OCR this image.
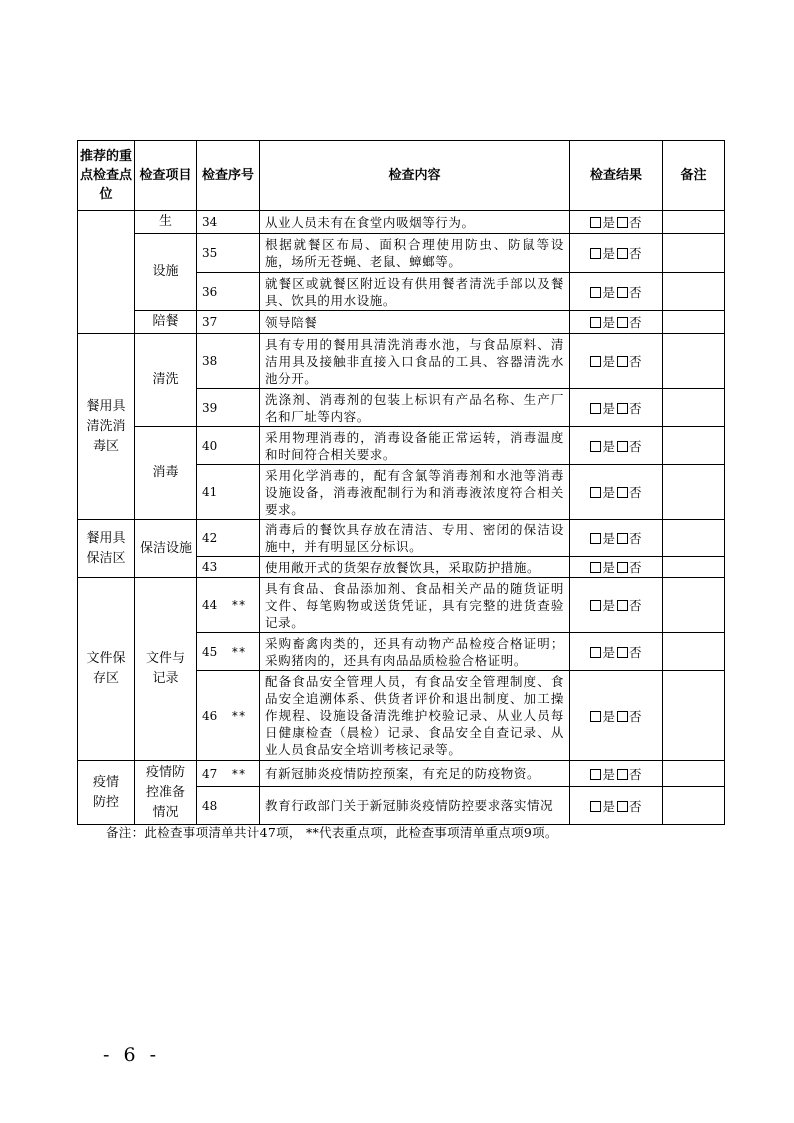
推荐的重点检查点位	检查项目	检查序号	检查内容	检查结果	备注
	生	34	从业人员未有在食堂内吸烟等行为。	是 否	
	设施	35	根据就餐区布局、面积合理使用防虫、防鼠等设施，场所无苍蝇、老鼠、蟑螂等。	是 否	
		36	就餐区或就餐区附近设有供用餐者清洗手部以及餐具、饮具的用水设施。	是 否	
	陪餐	37	领导陪餐	是 否	
餐用具清洗消毒区	清洗	38	具有专用的餐用具清洗消毒水池，与食品原料、清洁用具及接触非直接入口食品的工具、容器清洗水池分开。	是 否	
		39	洗涤剂、消毒剂的包装上标识有产品名称、生产厂名和厂址等内容。	是 否	
	消毒	40	采用物理消毒的，消毒设备能正常运转，消毒温度和时间符合相关要求。	是 否	
		41	采用化学消毒的，配有含氯等消毒剂和水池等消毒设施设备，消毒液配制行为和消毒液浓度符合相关要求。	是 否	
餐用具保洁区	保洁设施	42	消毒后的餐饮具存放在清洁、专用、密闭的保洁设施中，并有明显区分标识。	是 否	
		43	使用敞开式的货架存放餐饮具，采取防护措施。	是 否	
文件保存区	文件与记录	44 **	具有食品、食品添加剂、食品相关产品的随货证明文件、每笔购物或送货凭证，具有完整的进货查验记录。	是 否	
		45 **	采购畜禽肉类的，还具有动物产品检疫合格证明；采购猪肉的，还具有肉品品质检验合格证明。	是 否	
		46 **	配备食品安全管理人员，有食品安全管理制度、食品安全追溯体系、供货者评价和退出制度、加工操作规程、设施设备清洗维护校验记录、从业人员每日健康检查（晨检）记录、食品安全自查记录、从业人员食品安全培训考核记录等。	是 否	
疫情防控	疫情防控准备情况	47 **	有新冠肺炎疫情防控预案，有充足的防疫物资。	是 否	
		48	教育行政部门关于新冠肺炎疫情防控要求落实情况	是 否	
备注：此检查事项清单共计47项， **代表重点项，此检查事项清单重点项9项。
- 6 -
